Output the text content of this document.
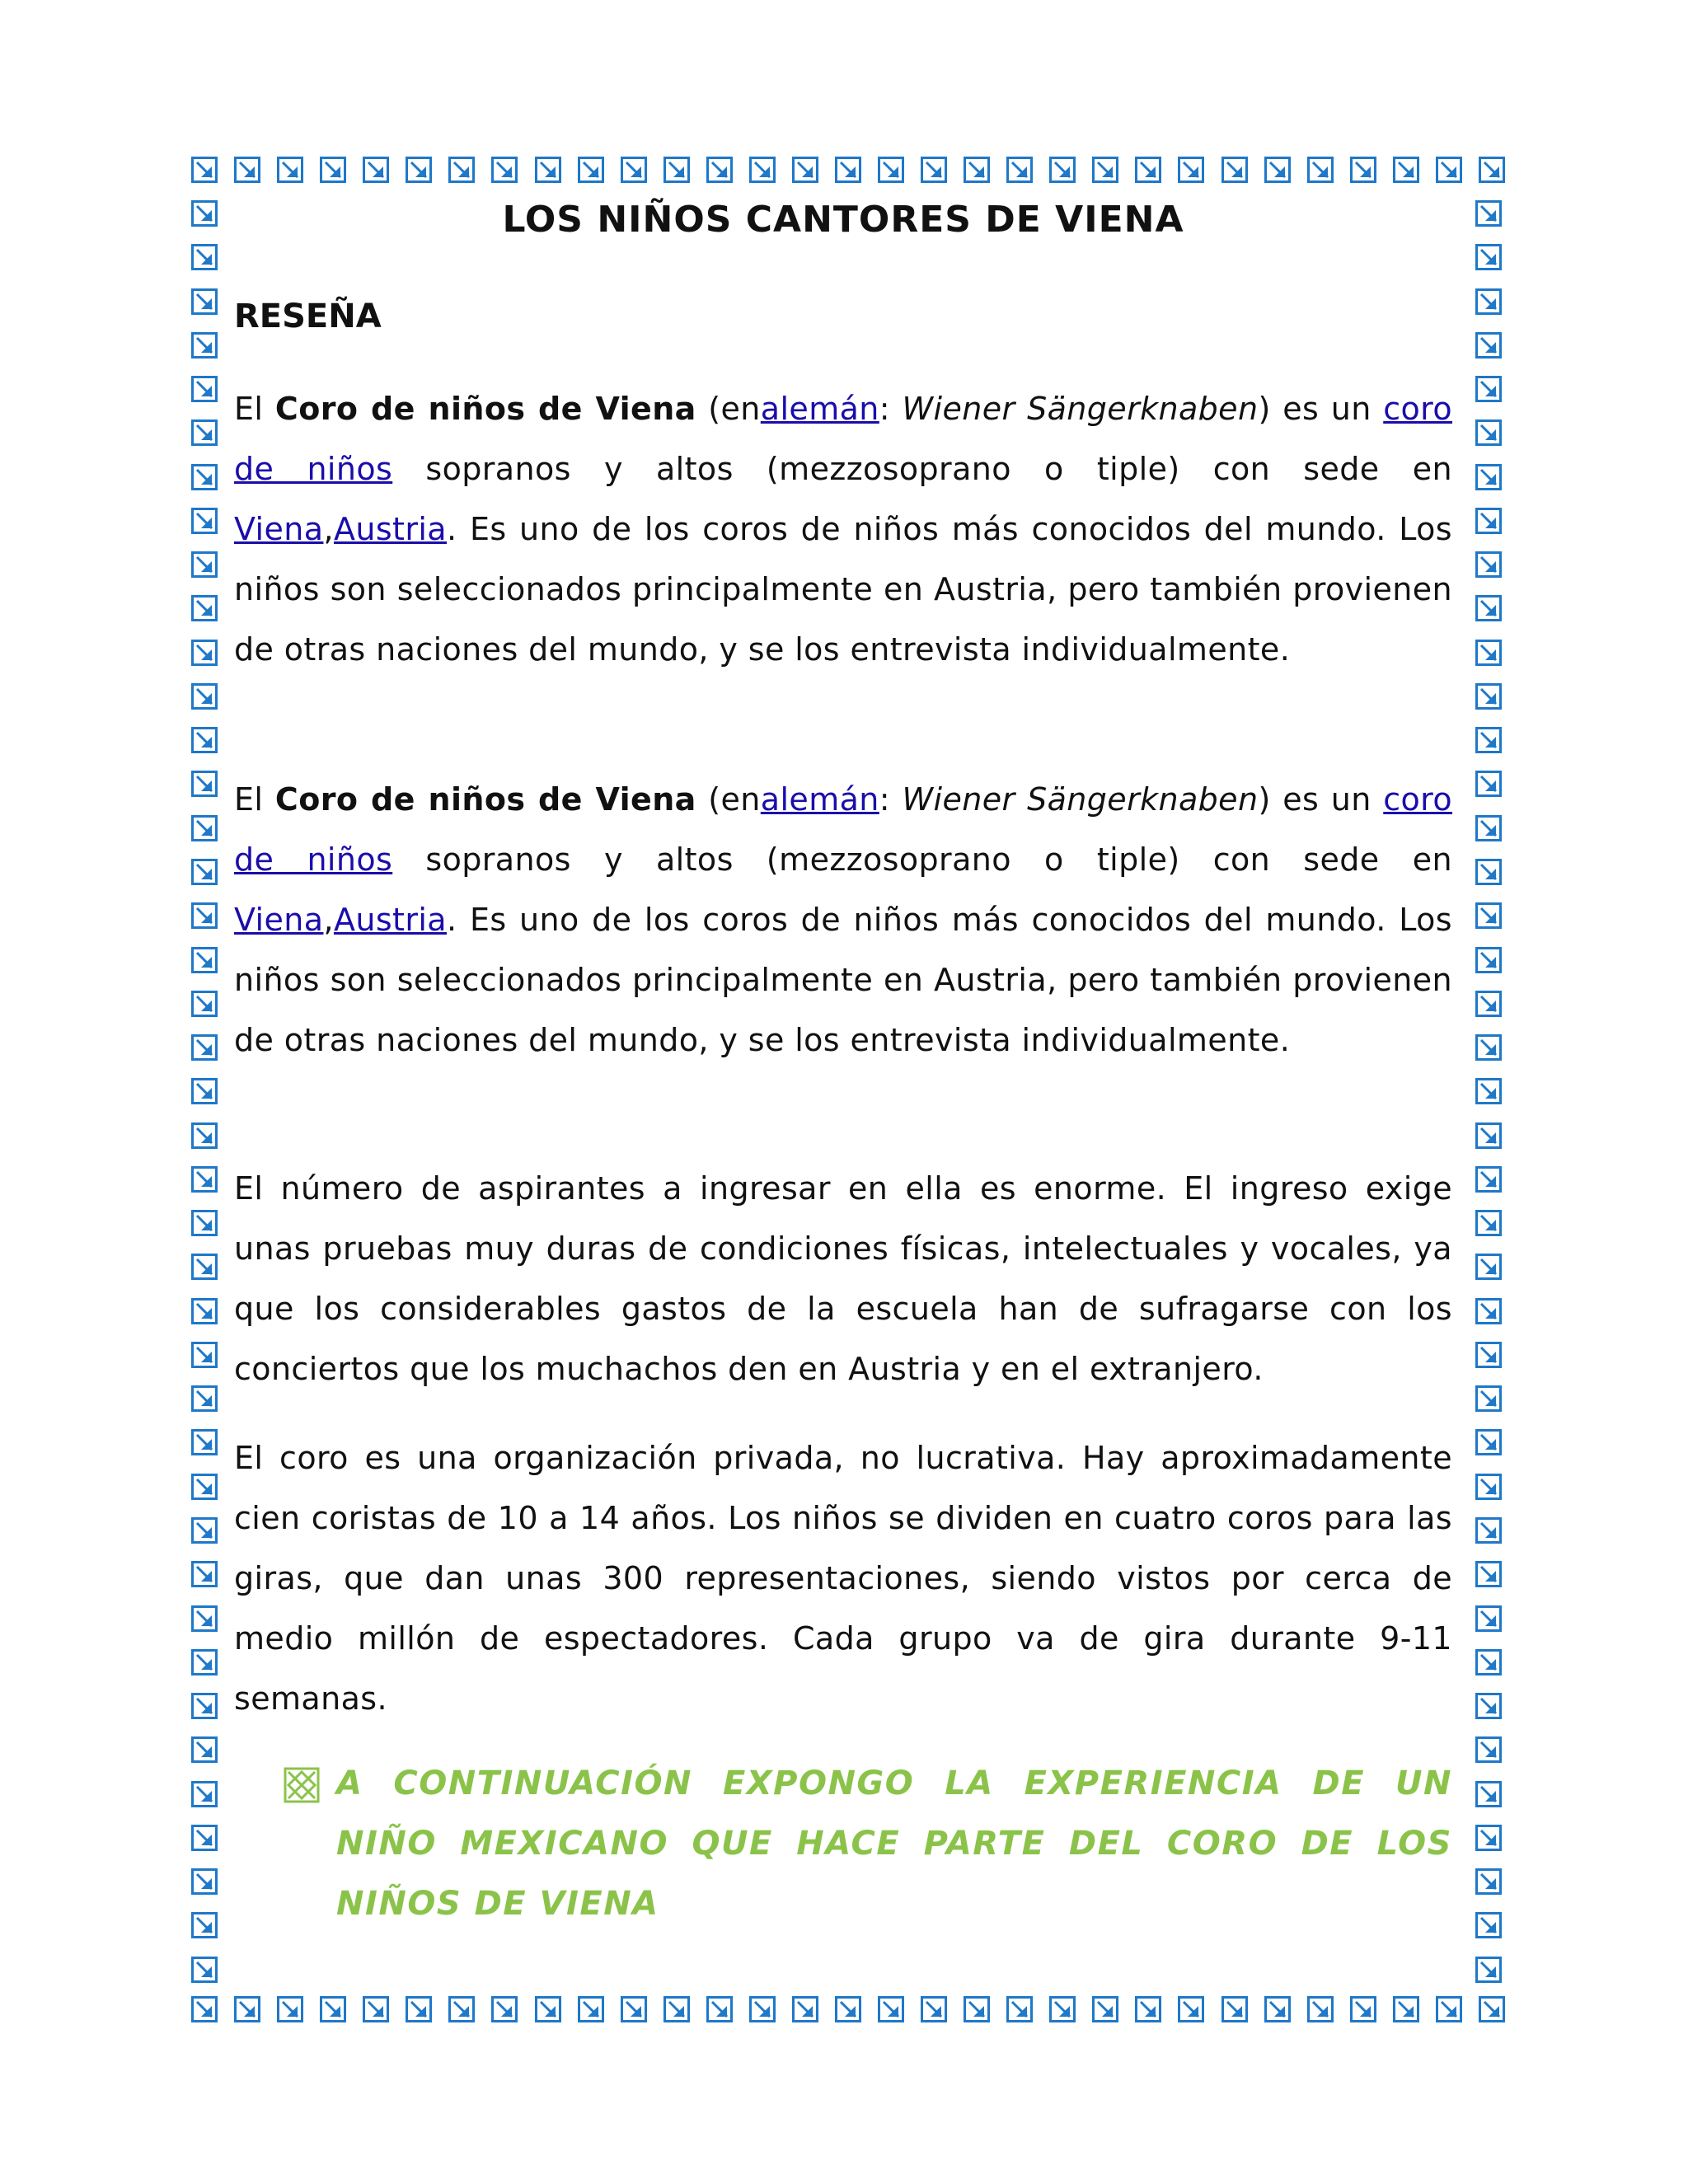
LOS NIÑOS CANTORES DE VIENA
RESEÑA

El Coro de niños de Viena (enalemán: Wiener Sängerknaben) es un coro de niños sopranos y altos (mezzosoprano o tiple) con sede en Viena,Austria. Es uno de los coros de niños más conocidos del mundo. Los niños son seleccionados principalmente en Austria, pero también provienen de otras naciones del mundo, y se los entrevista individualmente.

El Coro de niños de Viena (enalemán: Wiener Sängerknaben) es un coro de niños sopranos y altos (mezzosoprano o tiple) con sede en Viena,Austria. Es uno de los coros de niños más conocidos del mundo. Los niños son seleccionados principalmente en Austria, pero también provienen de otras naciones del mundo, y se los entrevista individualmente.

El número de aspirantes a ingresar en ella es enorme. El ingreso exige unas pruebas muy duras de condiciones físicas, intelectuales y vocales, ya que los considerables gastos de la escuela han de sufragarse con los conciertos que los muchachos den en Austria y en el extranjero.

El coro es una organización privada, no lucrativa. Hay aproximadamente cien coristas de 10 a 14 años. Los niños se dividen en cuatro coros para las giras, que dan unas 300 representaciones, siendo vistos por cerca de medio millón de espectadores. Cada grupo va de gira durante 9-11 semanas.

A CONTINUACIÓN EXPONGO LA EXPERIENCIA DE UN NIÑO MEXICANO QUE HACE PARTE DEL CORO DE LOS NIÑOS DE VIENA
